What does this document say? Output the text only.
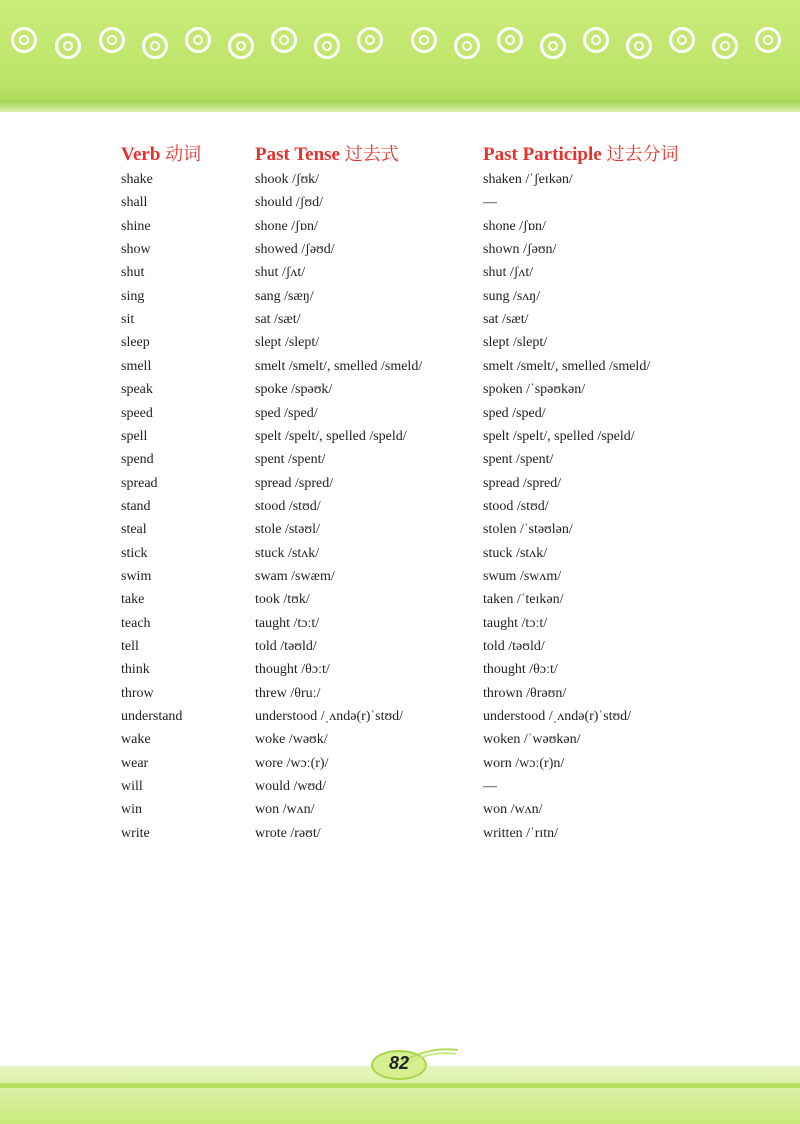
Verb 动词	Past Tense 过去式	Past Participle 过去分词
shake	shook /ʃʊk/	shaken /ˈʃeɪkən/
shall	should /ʃʊd/	—
shine	shone /ʃɒn/	shone /ʃɒn/
show	showed /ʃəʊd/	shown /ʃəʊn/
shut	shut /ʃʌt/	shut /ʃʌt/
sing	sang /sæŋ/	sung /sʌŋ/
sit	sat /sæt/	sat /sæt/
sleep	slept /slept/	slept /slept/
smell	smelt /smelt/, smelled /smeld/	smelt /smelt/, smelled /smeld/
speak	spoke /spəʊk/	spoken /ˈspəʊkən/
speed	sped /sped/	sped /sped/
spell	spelt /spelt/, spelled /speld/	spelt /spelt/, spelled /speld/
spend	spent /spent/	spent /spent/
spread	spread /spred/	spread /spred/
stand	stood /stʊd/	stood /stʊd/
steal	stole /stəʊl/	stolen /ˈstəʊlən/
stick	stuck /stʌk/	stuck /stʌk/
swim	swam /swæm/	swum /swʌm/
take	took /tʊk/	taken /ˈteɪkən/
teach	taught /tɔːt/	taught /tɔːt/
tell	told /təʊld/	told /təʊld/
think	thought /θɔːt/	thought /θɔːt/
throw	threw /θruː/	thrown /θrəʊn/
understand	understood /ˌʌndə(r)ˈstʊd/	understood /ˌʌndə(r)ˈstʊd/
wake	woke /wəʊk/	woken /ˈwəʊkən/
wear	wore /wɔː(r)/	worn /wɔː(r)n/
will	would /wʊd/	—
win	won /wʌn/	won /wʌn/
write	wrote /rəʊt/	written /ˈrɪtn/
82
